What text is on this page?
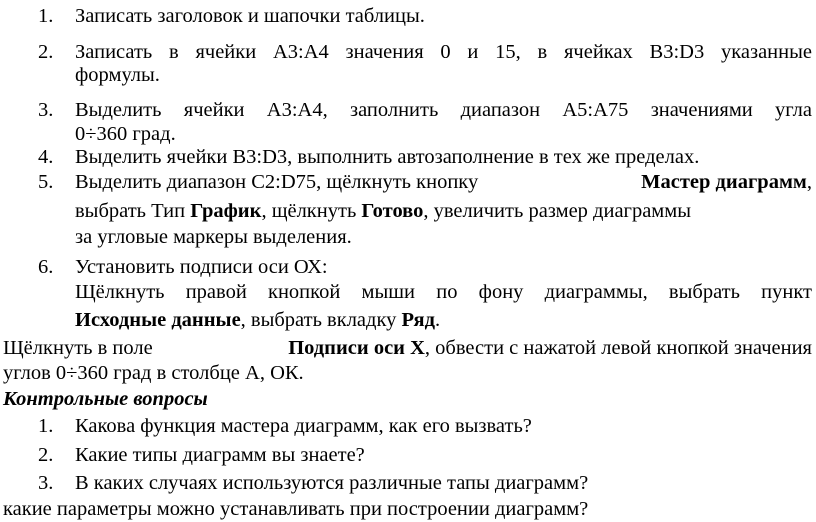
1. Записать заголовок и шапочки таблицы.
2. Записать в ячейки А3:А4 значения 0 и 15, в ячейках В3:D3 указанные
формулы.
3. Выделить ячейки А3:А4, заполнить диапазон А5:А75 значениями угла
0÷360 град.
4. Выделить ячейки В3:D3, выполнить автозаполнение в тех же пределах.
5. Выделить диапазон С2:D75, щёлкнуть кнопку	Мастер диаграмм,
выбрать Тип График, щёлкнуть Готово, увеличить размер диаграммы
за угловые маркеры выделения.
6. Установить подписи оси ОХ:
Щёлкнуть правой кнопкой мыши по фону диаграммы, выбрать пункт
Исходные данные, выбрать вкладку Ряд.
Щёлкнуть в поле	Подписи оси Х, обвести с нажатой левой кнопкой значения
углов 0÷360 град в столбце А, ОК.
Контрольные вопросы
1. Какова функция мастера диаграмм, как его вызвать?
2. Какие типы диаграмм вы знаете?
3. В каких случаях используются различные тапы диаграмм?
какие параметры можно устанавливать при построении диаграмм?
